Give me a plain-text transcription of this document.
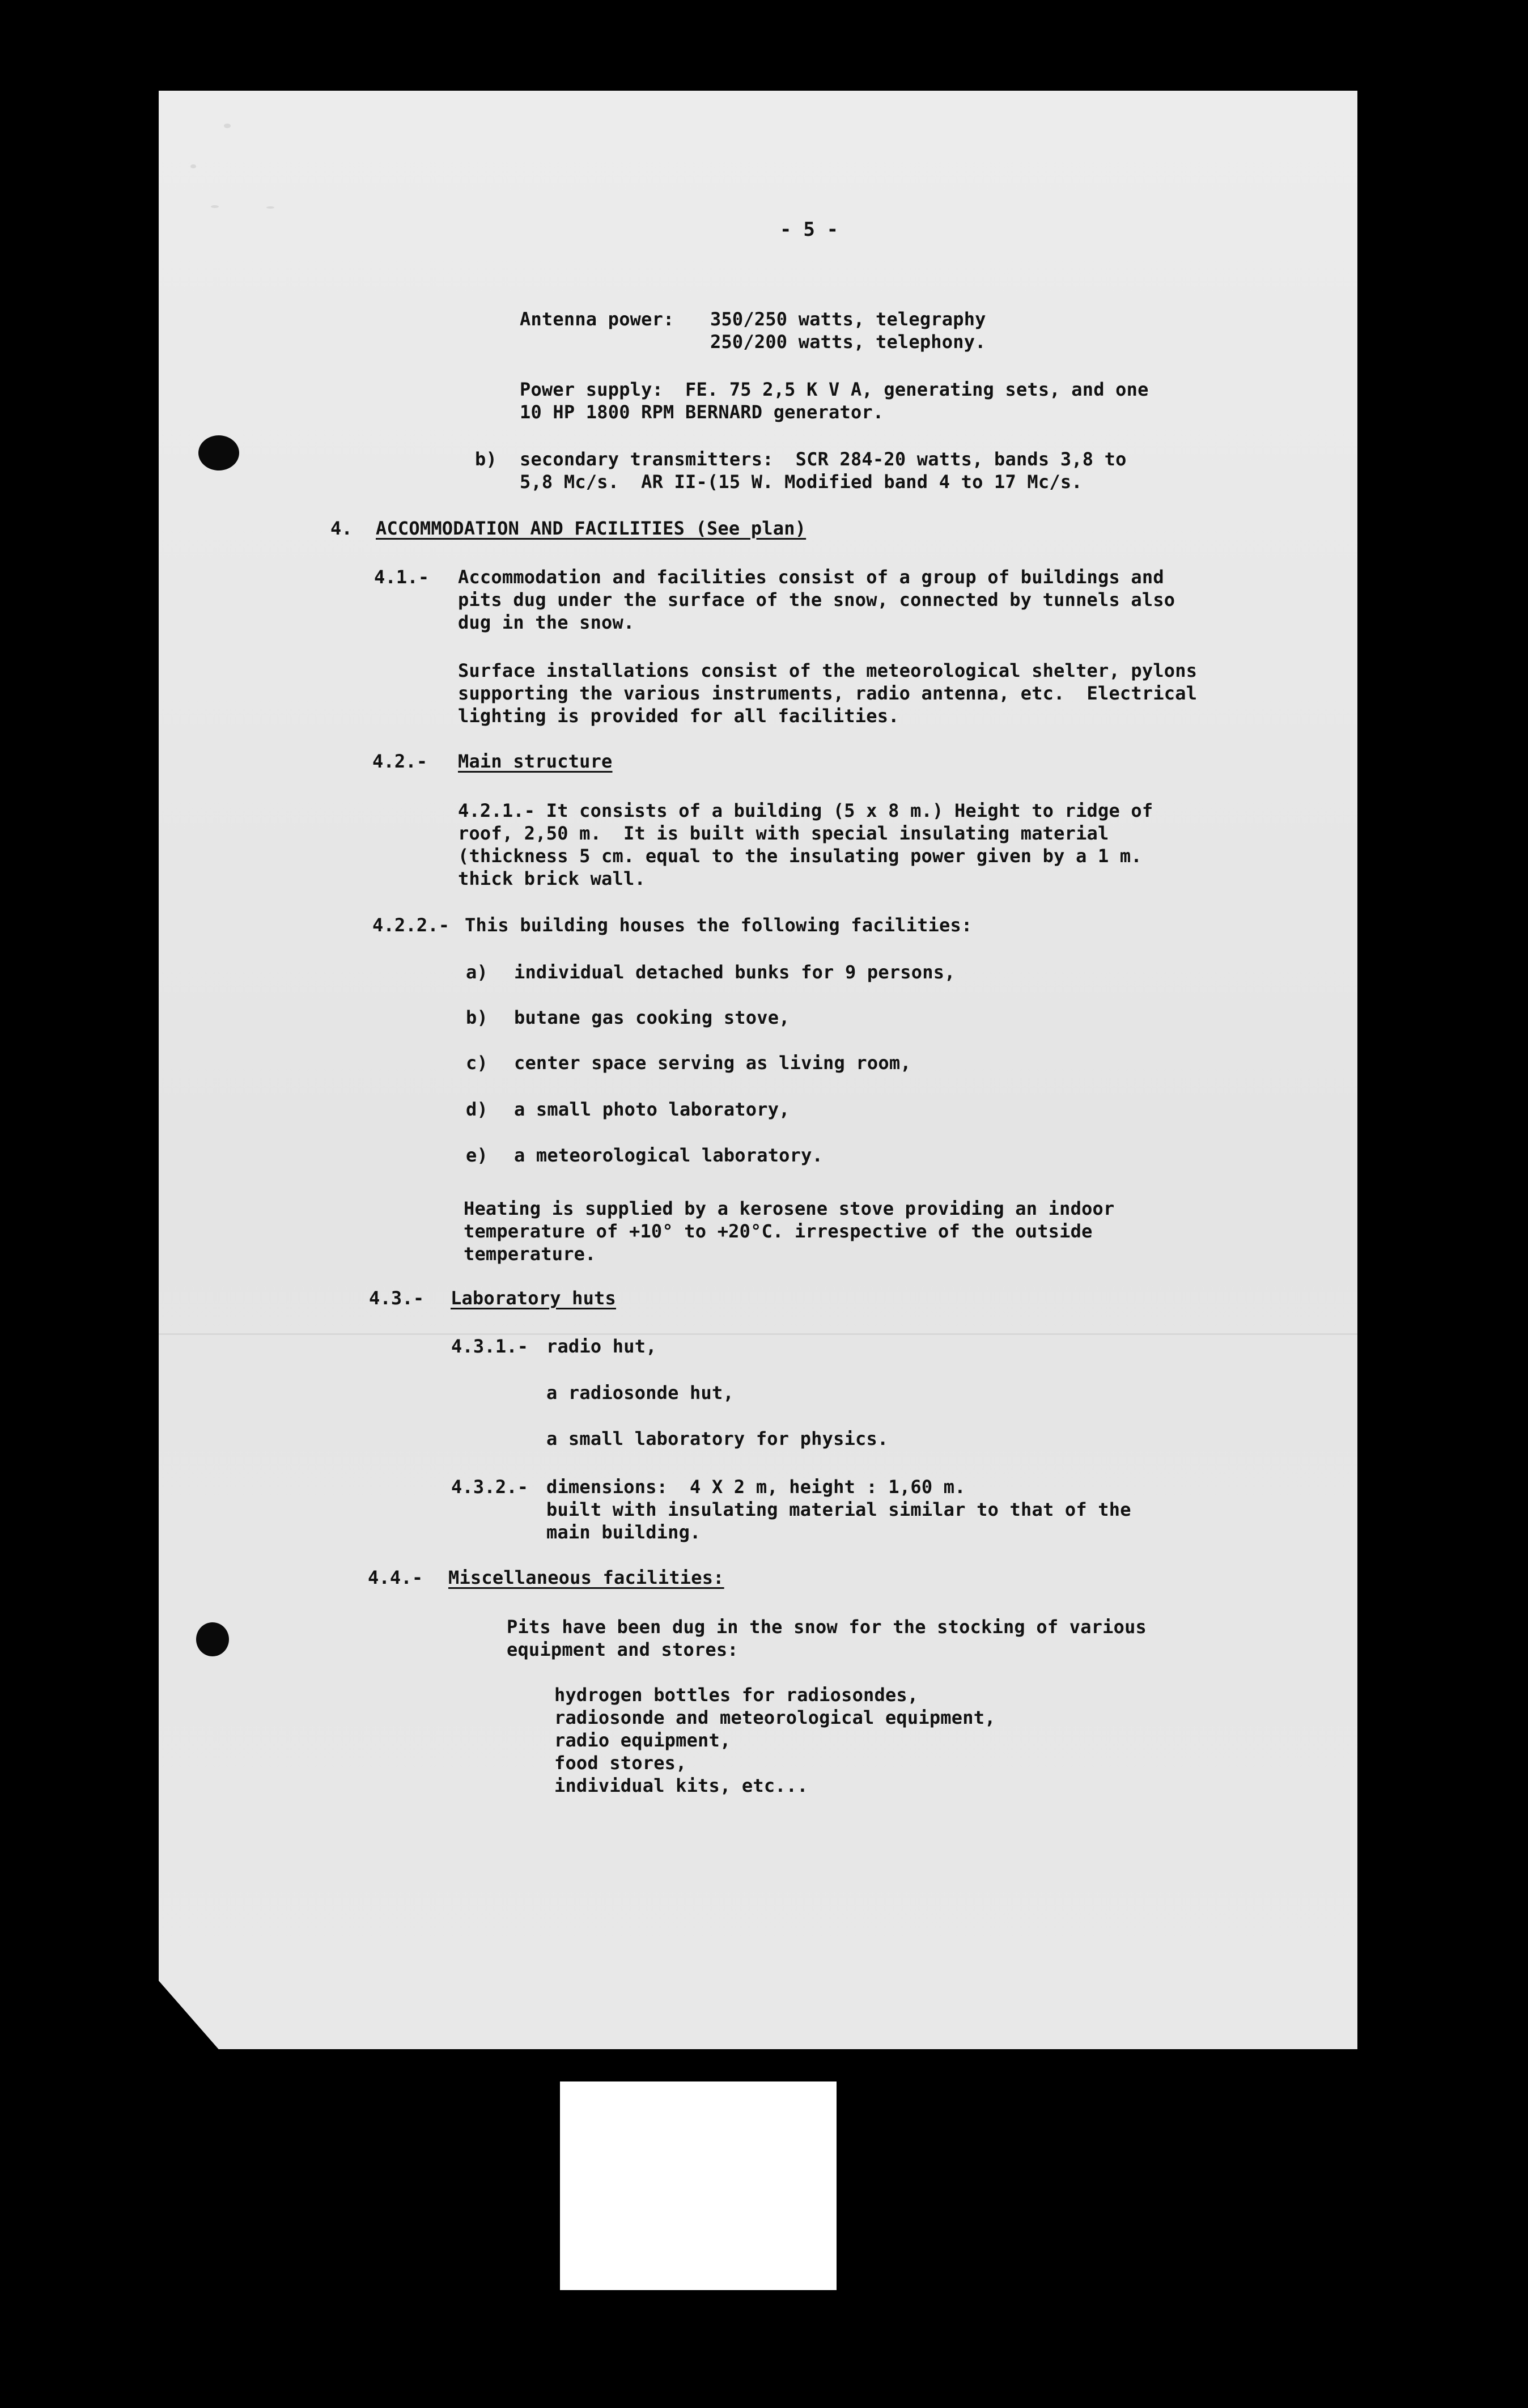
- 5 -

Antenna power: 350/250 watts, telegraphy

250/200 watts, telephony.

Power supply:  FE. 75 2,5 K V A, generating sets, and one

10 HP 1800 RPM BERNARD generator.

b) secondary transmitters:  SCR 284-20 watts, bands 3,8 to

5,8 Mc/s.  AR II-(15 W. Modified band 4 to 17 Mc/s.

4. ACCOMMODATION AND FACILITIES (See plan)

4.1.- Accommodation and facilities consist of a group of buildings and

pits dug under the surface of the snow, connected by tunnels also

dug in the snow.

Surface installations consist of the meteorological shelter, pylons

supporting the various instruments, radio antenna, etc.  Electrical

lighting is provided for all facilities.

4.2.- Main structure

4.2.1.- It consists of a building (5 x 8 m.) Height to ridge of

roof, 2,50 m.  It is built with special insulating material

(thickness 5 cm. equal to the insulating power given by a 1 m.

thick brick wall.

4.2.2.- This building houses the following facilities:

a) individual detached bunks for 9 persons,

b) butane gas cooking stove,

c) center space serving as living room,

d) a small photo laboratory,

e) a meteorological laboratory.

Heating is supplied by a kerosene stove providing an indoor

temperature of +10° to +20°C. irrespective of the outside

temperature.

4.3.- Laboratory huts

4.3.1.- radio hut,

a radiosonde hut,

a small laboratory for physics.

4.3.2.- dimensions:  4 X 2 m, height : 1,60 m.

built with insulating material similar to that of the

main building.

4.4.- Miscellaneous facilities:

Pits have been dug in the snow for the stocking of various

equipment and stores:

hydrogen bottles for radiosondes,

radiosonde and meteorological equipment,

radio equipment,

food stores,

individual kits, etc...
